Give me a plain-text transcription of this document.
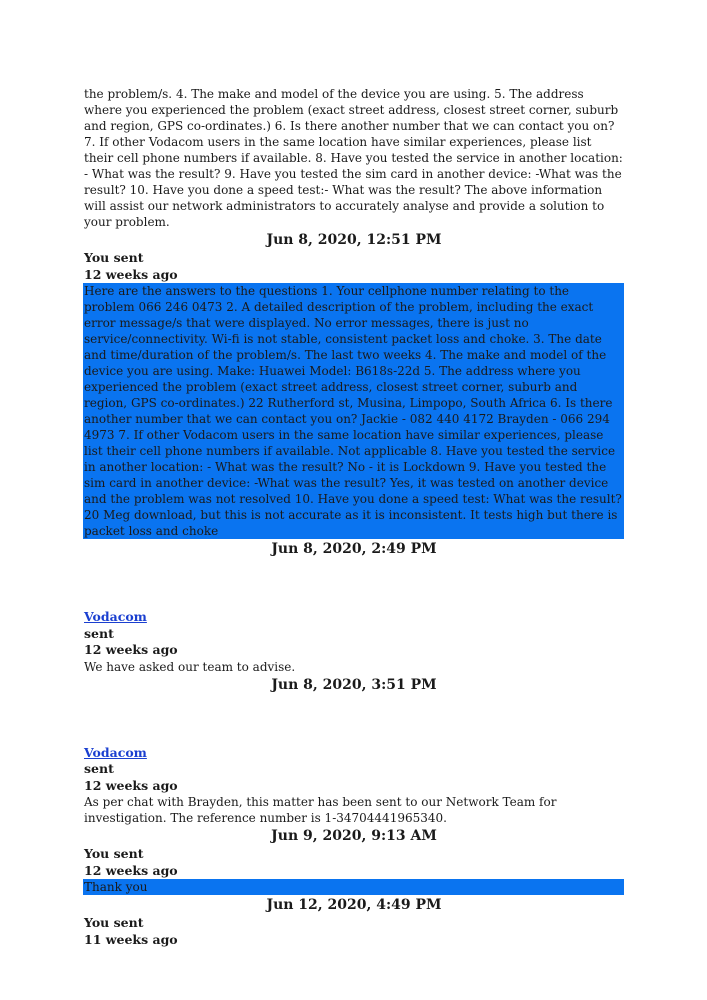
the problem/s. 4. The make and model of the device you are using. 5. The address where you experienced the problem (exact street address, closest street corner, suburb and region, GPS co-ordinates.) 6. Is there another number that we can contact you on? 7. If other Vodacom users in the same location have similar experiences, please list their cell phone numbers if available. 8. Have you tested the service in another location: - What was the result? 9. Have you tested the sim card in another device: -What was the result? 10. Have you done a speed test:- What was the result? The above information will assist our network administrators to accurately analyse and provide a solution to your problem.

Jun 8, 2020, 12:51 PM
You sent
12 weeks ago

Here are the answers to the questions 1. Your cellphone number relating to the problem 066 246 0473 2. A detailed description of the problem, including the exact error message/s that were displayed. No error messages, there is just no service/connectivity. Wi-fi is not stable, consistent packet loss and choke. 3. The date and time/duration of the problem/s. The last two weeks 4. The make and model of the device you are using. Make: Huawei Model: B618s-22d 5. The address where you experienced the problem (exact street address, closest street corner, suburb and region, GPS co-ordinates.) 22 Rutherford st, Musina, Limpopo, South Africa 6. Is there another number that we can contact you on? Jackie - 082 440 4172 Brayden - 066 294 4973 7. If other Vodacom users in the same location have similar experiences, please list their cell phone numbers if available. Not applicable 8. Have you tested the service in another location: - What was the result? No - it is Lockdown 9. Have you tested the sim card in another device: -What was the result? Yes, it was tested on another device and the problem was not resolved 10. Have you done a speed test: What was the result? 20 Meg download, but this is not accurate as it is inconsistent. It tests high but there is packet loss and choke

Jun 8, 2020, 2:49 PM
Vodacom
sent
12 weeks ago

We have asked our team to advise.

Jun 8, 2020, 3:51 PM
Vodacom
sent
12 weeks ago

As per chat with Brayden, this matter has been sent to our Network Team for investigation. The reference number is 1-34704441965340.

Jun 9, 2020, 9:13 AM
You sent
12 weeks ago

Thank you

Jun 12, 2020, 4:49 PM
You sent
11 weeks ago
